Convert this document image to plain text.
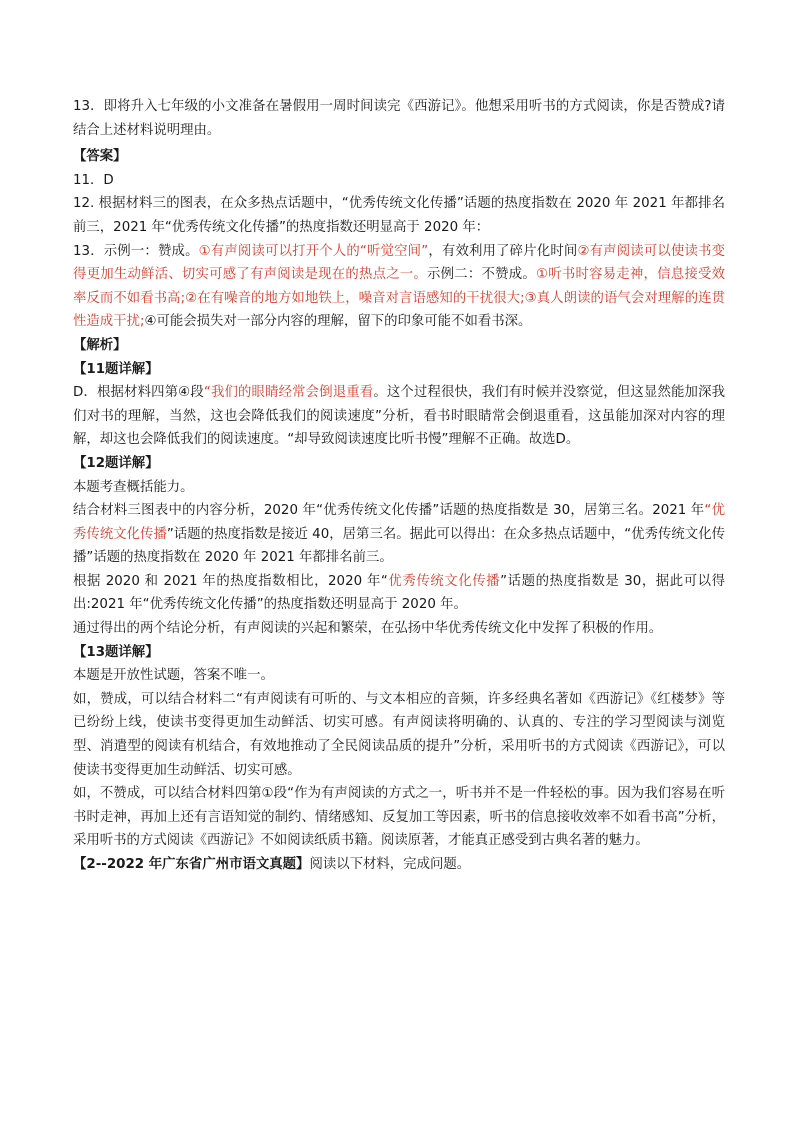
13．即将升入七年级的小文准备在暑假用一周时间读完《西游记》。他想采用听书的方式阅读，你是否赞成?请结合上述材料说明理由。

【答案】

11．D

12. 根据材料三的图表，在众多热点话题中，“优秀传统文化传播”话题的热度指数在 2020 年 2021 年都排名前三，2021 年“优秀传统文化传播”的热度指数还明显高于 2020 年：

13．示例一：赞成。①有声阅读可以打开个人的“听觉空间”，有效利用了碎片化时间②有声阅读可以使读书变得更加生动鲜活、切实可感了有声阅读是现在的热点之一。示例二：不赞成。①听书时容易走神，信息接受效率反而不如看书高;②在有噪音的地方如地铁上，噪音对言语感知的干扰很大;③真人朗读的语气会对理解的连贯性造成干扰;④可能会损失对一部分内容的理解，留下的印象可能不如看书深。

【解析】

【11题详解】

D．根据材料四第④段“我们的眼睛经常会倒退重看。这个过程很快，我们有时候并没察觉，但这显然能加深我们对书的理解，当然，这也会降低我们的阅读速度”分析，看书时眼睛常会倒退重看，这虽能加深对内容的理解，却这也会降低我们的阅读速度。“却导致阅读速度比听书慢”理解不正确。故选D。

【12题详解】

本题考查概括能力。

结合材料三图表中的内容分析，2020 年“优秀传统文化传播”话题的热度指数是 30，居第三名。2021 年“优秀传统文化传播”话题的热度指数是接近 40，居第三名。据此可以得出：在众多热点话题中，“优秀传统文化传播”话题的热度指数在 2020 年 2021 年都排名前三。

根据 2020 和 2021 年的热度指数相比，2020 年“优秀传统文化传播”话题的热度指数是 30，据此可以得出:2021 年“优秀传统文化传播”的热度指数还明显高于 2020 年。

通过得出的两个结论分析，有声阅读的兴起和繁荣，在弘扬中华优秀传统文化中发挥了积极的作用。

【13题详解】

本题是开放性试题，答案不唯一。

如，赞成，可以结合材料二“有声阅读有可听的、与文本相应的音频，许多经典名著如《西游记》《红楼梦》等已纷纷上线，使读书变得更加生动鲜活、切实可感。有声阅读将明确的、认真的、专注的学习型阅读与浏览型、消遣型的阅读有机结合，有效地推动了全民阅读品质的提升”分析，采用听书的方式阅读《西游记》，可以使读书变得更加生动鲜活、切实可感。

如，不赞成，可以结合材料四第①段“作为有声阅读的方式之一，听书并不是一件轻松的事。因为我们容易在听书时走神，再加上还有言语知觉的制约、情绪感知、反复加工等因素，听书的信息接收效率不如看书高”分析，采用听书的方式阅读《西游记》不如阅读纸质书籍。阅读原著，才能真正感受到古典名著的魅力。

【2--2022 年广东省广州市语文真题】阅读以下材料，完成问题。
